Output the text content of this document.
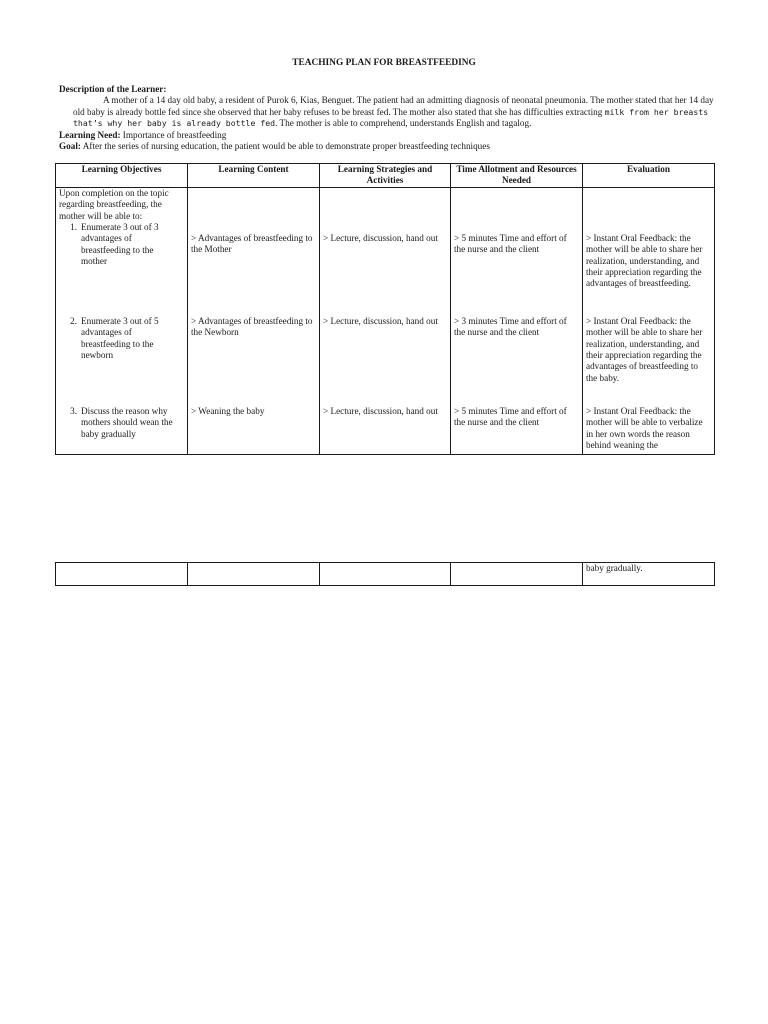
TEACHING PLAN FOR BREASTFEEDING

Description of the Learner:

A mother of a 14 day old baby, a resident of Purok 6, Kias, Benguet. The patient had an admitting diagnosis of neonatal pneumonia. The mother stated that her 14 day old baby is already bottle fed since she observed that her baby refuses to be breast fed. The mother also stated that she has difficulties extracting milk from her breasts that’s why her baby is already bottle fed. The mother is able to comprehend, understands English and tagalog.

Learning Need: Importance of breastfeeding

Goal: After the series of nursing education, the patient would be able to demonstrate proper breastfeeding techniques

Learning Objectives	Learning Content	Learning Strategies and Activities	Time Allotment and Resources Needed	Evaluation

Upon completion on the topic regarding breastfeeding, the mother will be able to:
1. Enumerate 3 out of 3 advantages of breastfeeding to the mother	> Advantages of breastfeeding to the Mother	> Lecture, discussion, hand out	> 5 minutes Time and effort of the nurse and the client	> Instant Oral Feedback: the mother will be able to share her realization, understanding, and their appreciation regarding the advantages of breastfeeding.

2. Enumerate 3 out of 5 advantages of breastfeeding to the newborn	> Advantages of breastfeeding to the Newborn	> Lecture, discussion, hand out	> 3 minutes Time and effort of the nurse and the client	> Instant Oral Feedback: the mother will be able to share her realization, understanding, and their appreciation regarding the advantages of breastfeeding to the baby.
3. Discuss the reason why mothers should wean the baby gradually	> Weaning the baby	> Lecture, discussion, hand out	> 5 minutes Time and effort of the nurse and the client	> Instant Oral Feedback: the mother will be able to verbalize in her own words the reason behind weaning the
				baby gradually.
